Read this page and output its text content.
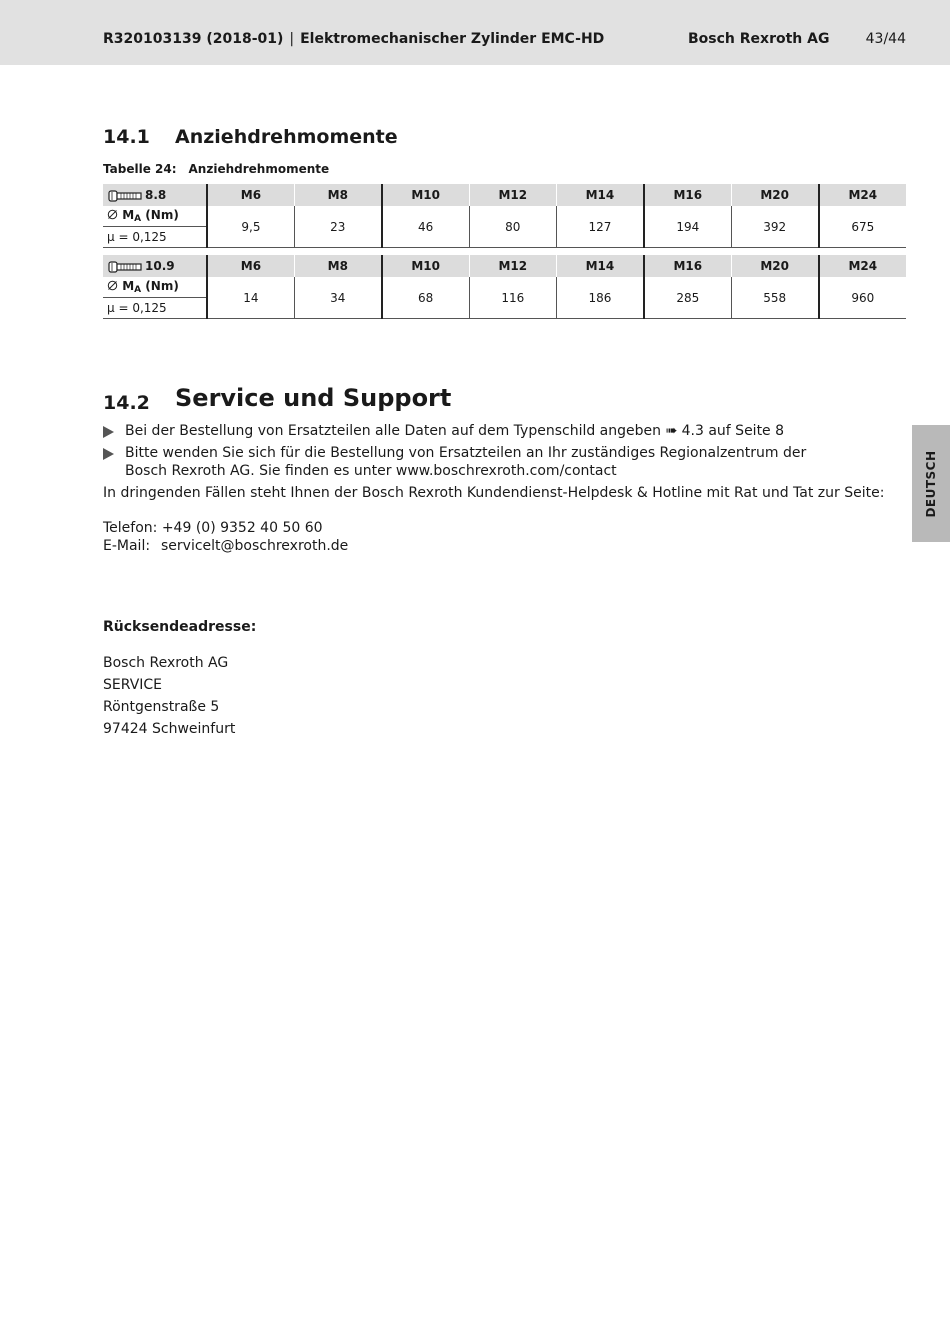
R320103139 (2018-01) | Elektromechanischer Zylinder EMC-HD	Bosch Rexroth AG	43/44
14.1 Anziehdrehmomente
Tabelle 24: Anziehdrehmomente
8.8	M6	M8	M10	M12	M14	M16	M20	M24
$M_A$ (Nm)	9,5	23	46	80	127	194	392	675
µ = 0,125								
10.9	M6	M8	M10	M12	M14	M16	M20	M24
$M_A$ (Nm)	14	34	68	116	186	285	558	960
µ = 0,125								
14.2 Service und Support
Bei der Bestellung von Ersatzteilen alle Daten auf dem Typenschild angeben ➠ 4.3 auf Seite 8
Bitte wenden Sie sich für die Bestellung von Ersatzteilen an Ihr zuständiges Regionalzentrum der Bosch Rexroth AG. Sie finden es unter www.boschrexroth.com/contact
In dringenden Fällen steht Ihnen der Bosch Rexroth Kundendienst-Helpdesk & Hotline mit Rat und Tat zur Seite:
Telefon: +49 (0) 9352 40 50 60
E-Mail: servicelt@boschrexroth.de
Rücksendeadresse:
Bosch Rexroth AG
SERVICE
Röntgenstraße 5
97424 Schweinfurt
DEUTSCH
